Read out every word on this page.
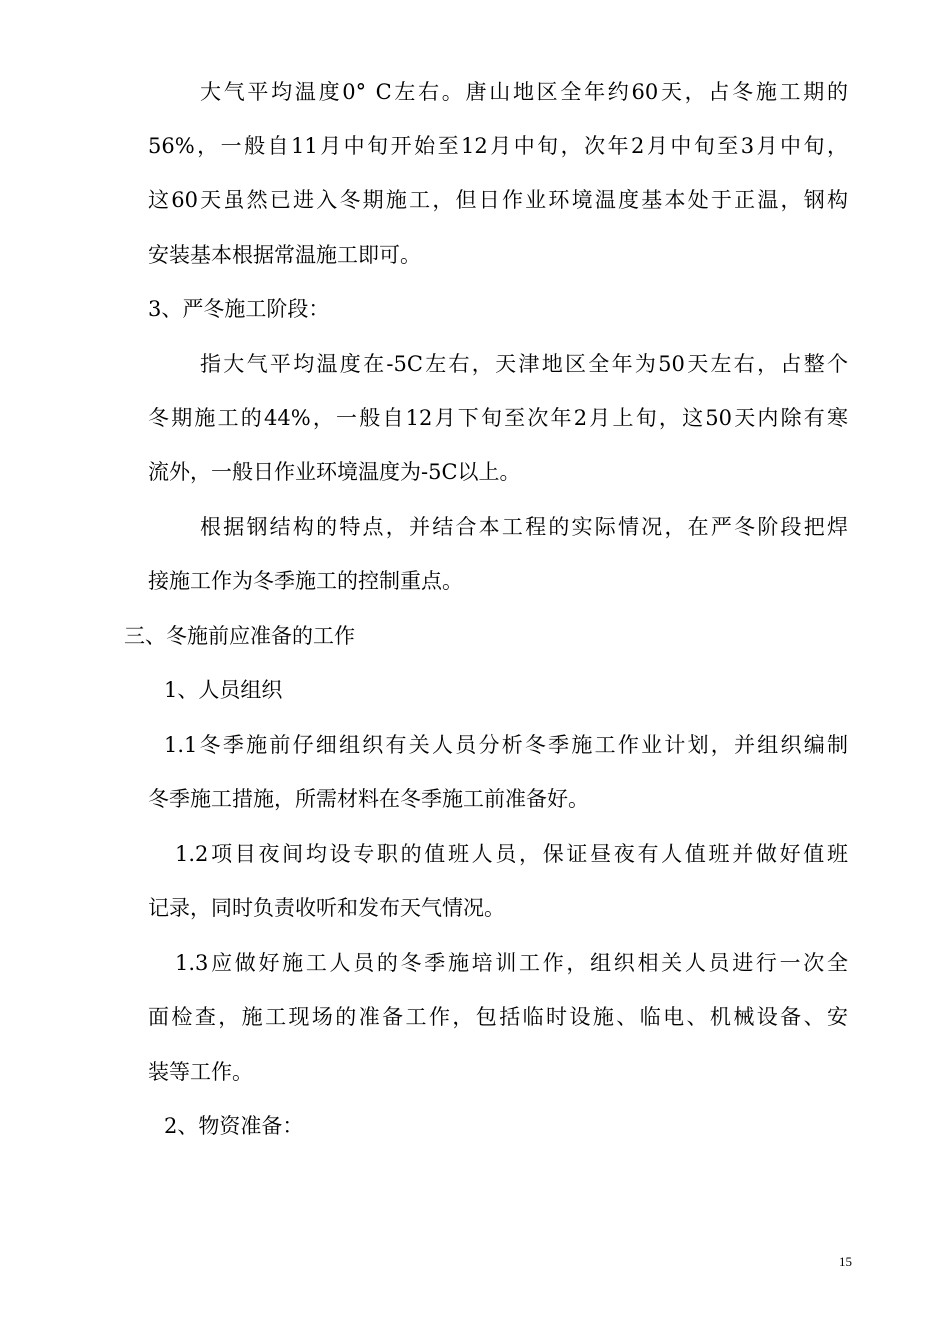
大气平均温度0° C左右。唐山地区全年约60天，占冬施工期的
56%，一般自11月中旬开始至12月中旬，次年2月中旬至3月中旬，
这60天虽然已进入冬期施工，但日作业环境温度基本处于正温，钢构
安装基本根据常温施工即可。
3、严冬施工阶段：
指大气平均温度在-5C左右，天津地区全年为50天左右，占整个
冬期施工的44%，一般自12月下旬至次年2月上旬，这50天内除有寒
流外，一般日作业环境温度为-5C以上。
根据钢结构的特点，并结合本工程的实际情况，在严冬阶段把焊
接施工作为冬季施工的控制重点。
三、冬施前应准备的工作
1、人员组织
1.1冬季施前仔细组织有关人员分析冬季施工作业计划，并组织编制
冬季施工措施，所需材料在冬季施工前准备好。
1.2项目夜间均设专职的值班人员，保证昼夜有人值班并做好值班
记录，同时负责收听和发布天气情况。
1.3应做好施工人员的冬季施培训工作，组织相关人员进行一次全
面检查，施工现场的准备工作，包括临时设施、临电、机械设备、安
装等工作。
2、物资准备：
15
